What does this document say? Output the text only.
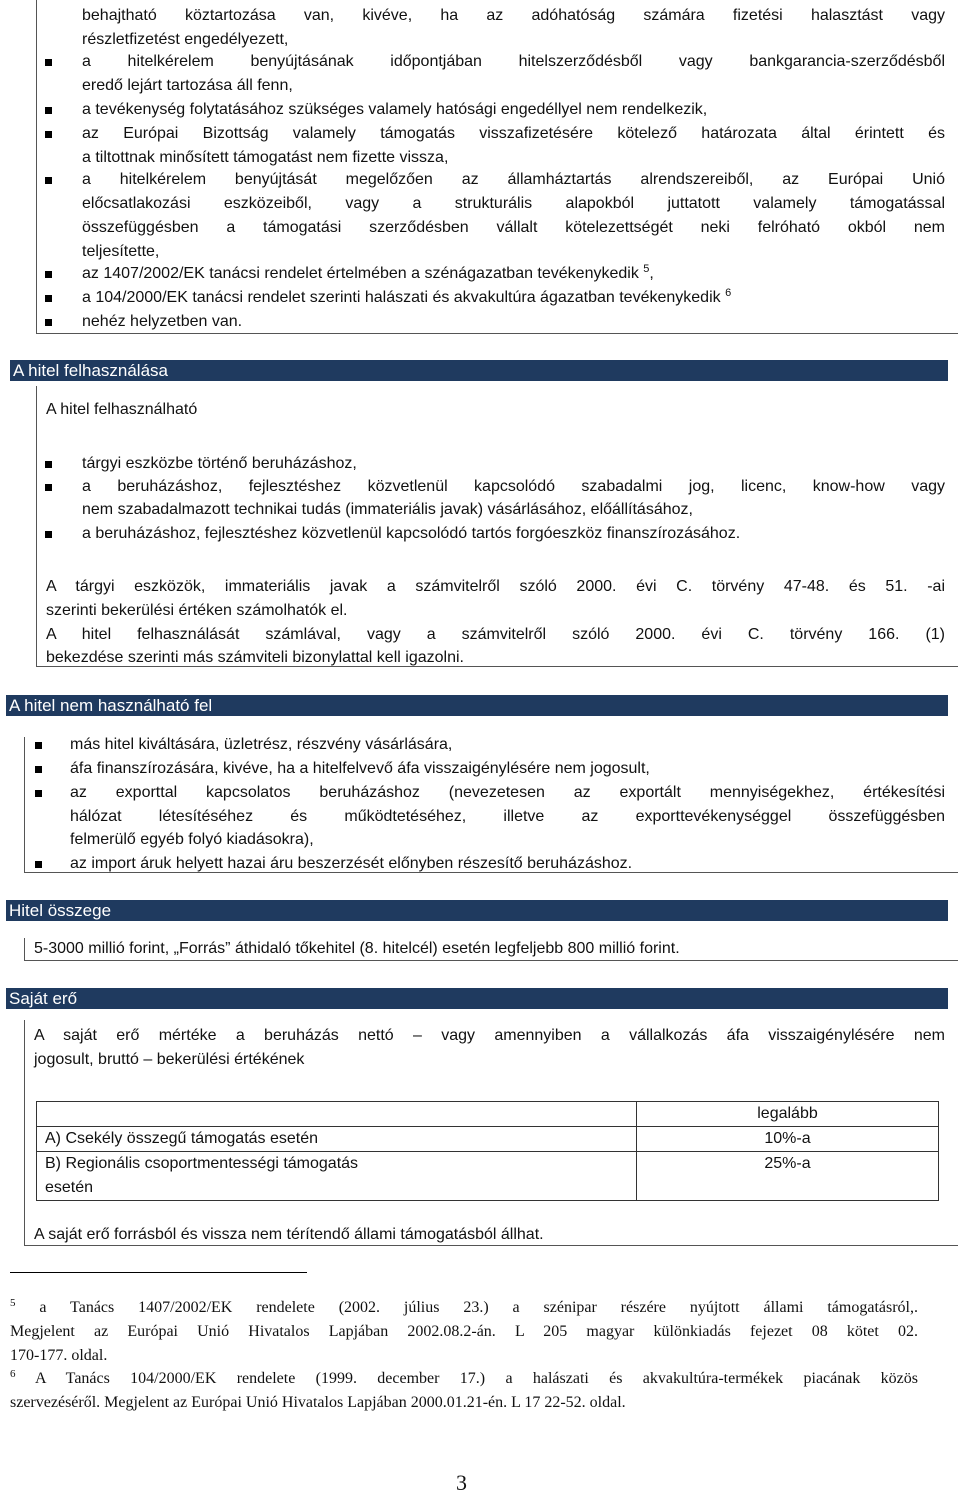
behajtható köztartozása van, kivéve, ha az adóhatóság számára fizetési halasztást vagy
részletfizetést engedélyezett,
a hitelkérelem benyújtásának időpontjában hitelszerződésből vagy bankgarancia-szerződésből
eredő lejárt tartozása áll fenn,
a tevékenység folytatásához szükséges valamely hatósági engedéllyel nem rendelkezik,
az Európai Bizottság valamely támogatás visszafizetésére kötelező határozata által érintett és
a tiltottnak minősített támogatást nem fizette vissza,
a hitelkérelem benyújtását megelőzően az államháztartás alrendszereiből, az Európai Unió
előcsatlakozási eszközeiből, vagy a strukturális alapokból juttatott valamely támogatással
összefüggésben a támogatási szerződésben vállalt kötelezettségét neki felróható okból nem
teljesítette,
az 1407/2002/EK tanácsi rendelet értelmében a szénágazatban tevékenykedik $^5$,
a 104/2000/EK tanácsi rendelet szerinti halászati és akvakultúra ágazatban tevékenykedik $^6$
nehéz helyzetben van.
A hitel felhasználása
A hitel felhasználható
tárgyi eszközbe történő beruházáshoz,
a beruházáshoz, fejlesztéshez közvetlenül kapcsolódó szabadalmi jog, licenc, know-how vagy
nem szabadalmazott technikai tudás (immateriális javak) vásárlásához, előállításához,
a beruházáshoz, fejlesztéshez közvetlenül kapcsolódó tartós forgóeszköz finanszírozásához.
A tárgyi eszközök, immateriális javak a számvitelről szóló 2000. évi C. törvény 47-48. és 51. -ai
szerinti bekerülési értéken számolhatók el.
A hitel felhasználását számlával, vagy a számvitelről szóló 2000. évi C. törvény 166. (1)
bekezdése szerinti más számviteli bizonylattal kell igazolni.
A hitel nem használható fel
más hitel kiváltására, üzletrész, részvény vásárlására,
áfa finanszírozására, kivéve, ha a hitelfelvevő áfa visszaigénylésére nem jogosult,
az exporttal kapcsolatos beruházáshoz (nevezetesen az exportált mennyiségekhez, értékesítési
hálózat létesítéséhez és működtetéséhez, illetve az exporttevékenységgel összefüggésben
felmerülő egyéb folyó kiadásokra),
az import áruk helyett hazai áru beszerzését előnyben részesítő beruházáshoz.
Hitel összege
5-3000 millió forint, „Forrás” áthidaló tőkehitel (8. hitelcél) esetén legfeljebb 800 millió forint.
Saját erő
A saját erő mértéke a beruházás nettó – vagy amennyiben a vállalkozás áfa visszaigénylésére nem
jogosult, bruttó – bekerülési értékének
	legalább
A) Csekély összegű támogatás esetén	10%-a
B) Regionális csoportmentességi támogatás
esetén	25%-a
A saját erő forrásból és vissza nem térítendő állami támogatásból állhat.
$^5$ a Tanács 1407/2002/EK rendelete (2002. július 23.) a szénipar részére nyújtott állami támogatásról,.
Megjelent az Európai Unió Hivatalos Lapjában 2002.08.2-án. L 205 magyar különkiadás fejezet 08 kötet 02.
170-177. oldal.
$^6$ A Tanács 104/2000/EK rendelete (1999. december 17.) a halászati és akvakultúra-termékek piacának közös
szervezéséről. Megjelent az Európai Unió Hivatalos Lapjában 2000.01.21-én. L 17 22-52. oldal.
3
